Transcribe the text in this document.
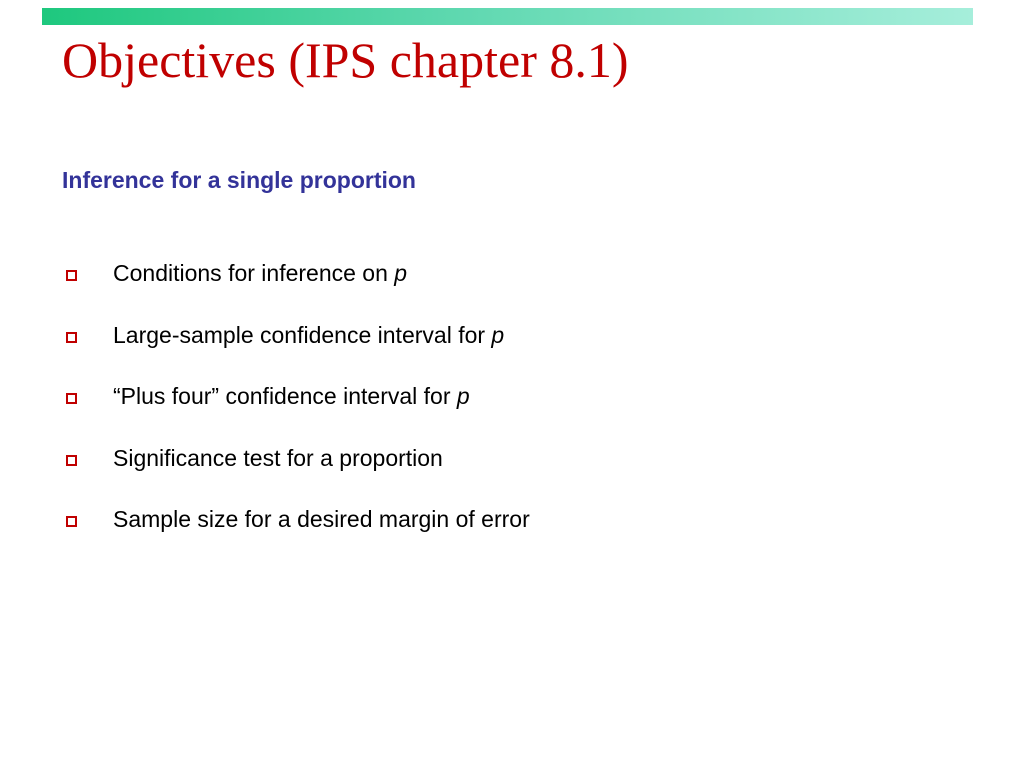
Objectives (IPS chapter 8.1)
Inference for a single proportion
Conditions for inference on p
Large-sample confidence interval for p
“Plus four” confidence interval for p
Significance test for a proportion
Sample size for a desired margin of error
